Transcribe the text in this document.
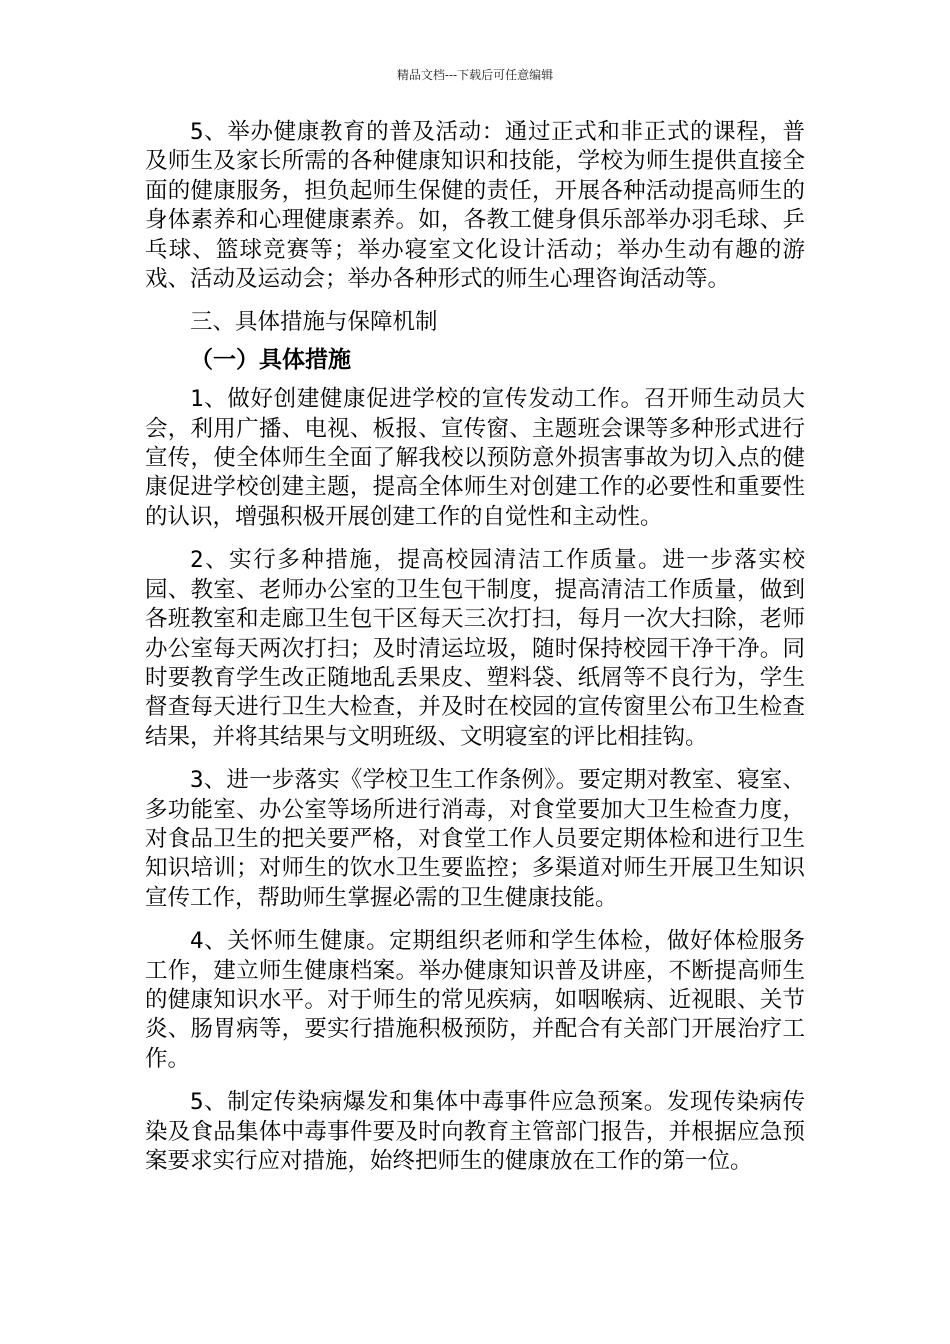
精品文档---下载后可任意编辑

5、举办健康教育的普及活动：通过正式和非正式的课程，普及师生及家长所需的各种健康知识和技能，学校为师生提供直接全面的健康服务，担负起师生保健的责任，开展各种活动提高师生的身体素养和心理健康素养。如，各教工健身俱乐部举办羽毛球、乒乓球、篮球竞赛等；举办寝室文化设计活动；举办生动有趣的游戏、活动及运动会；举办各种形式的师生心理咨询活动等。

三、具体措施与保障机制

（一）具体措施

1、做好创建健康促进学校的宣传发动工作。召开师生动员大会，利用广播、电视、板报、宣传窗、主题班会课等多种形式进行宣传，使全体师生全面了解我校以预防意外损害事故为切入点的健康促进学校创建主题，提高全体师生对创建工作的必要性和重要性的认识，增强积极开展创建工作的自觉性和主动性。

2、实行多种措施，提高校园清洁工作质量。进一步落实校园、教室、老师办公室的卫生包干制度，提高清洁工作质量，做到各班教室和走廊卫生包干区每天三次打扫，每月一次大扫除，老师办公室每天两次打扫；及时清运垃圾，随时保持校园干净干净。同时要教育学生改正随地乱丢果皮、塑料袋、纸屑等不良行为，学生督查每天进行卫生大检查，并及时在校园的宣传窗里公布卫生检查结果，并将其结果与文明班级、文明寝室的评比相挂钩。

3、进一步落实《学校卫生工作条例》。要定期对教室、寝室、多功能室、办公室等场所进行消毒，对食堂要加大卫生检查力度，对食品卫生的把关要严格，对食堂工作人员要定期体检和进行卫生知识培训；对师生的饮水卫生要监控；多渠道对师生开展卫生知识宣传工作，帮助师生掌握必需的卫生健康技能。

4、关怀师生健康。定期组织老师和学生体检，做好体检服务工作，建立师生健康档案。举办健康知识普及讲座，不断提高师生的健康知识水平。对于师生的常见疾病，如咽喉病、近视眼、关节炎、肠胃病等，要实行措施积极预防，并配合有关部门开展治疗工作。

5、制定传染病爆发和集体中毒事件应急预案。发现传染病传染及食品集体中毒事件要及时向教育主管部门报告，并根据应急预案要求实行应对措施，始终把师生的健康放在工作的第一位。
